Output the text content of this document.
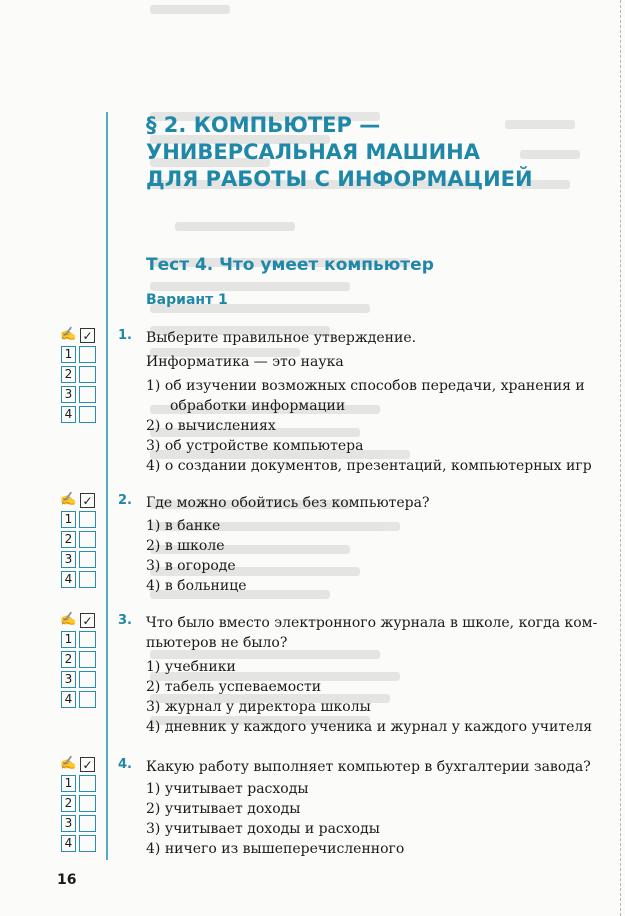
§ 2. КОМПЬЮТЕР —
УНИВЕРСАЛЬНАЯ МАШИНА
ДЛЯ РАБОТЫ С ИНФОРМАЦИЕЙ
Тест 4. Что умеет компьютер
Вариант 1
✍ ✓
1
2
3
4
1. Выберите правильное утверждение.
Информатика — это наука

1) об изучении возможных способов передачи, хранения и
обработки информации
2) о вычислениях
3) об устройстве компьютера
4) о создании документов, презентаций, компьютерных игр
✍ ✓
1
2
3
4
2. Где можно обойтись без компьютера?

1) в банке
2) в школе
3) в огороде
4) в больнице
✍ ✓
1
2
3
4
3. Что было вместо электронного журнала в школе, когда ком-
пьютеров не было?

1) учебники
2) табель успеваемости
3) журнал у директора школы
4) дневник у каждого ученика и журнал у каждого учителя
✍ ✓
1
2
3
4
4. Какую работу выполняет компьютер в бухгалтерии завода?

1) учитывает расходы
2) учитывает доходы
3) учитывает доходы и расходы
4) ничего из вышеперечисленного
16
